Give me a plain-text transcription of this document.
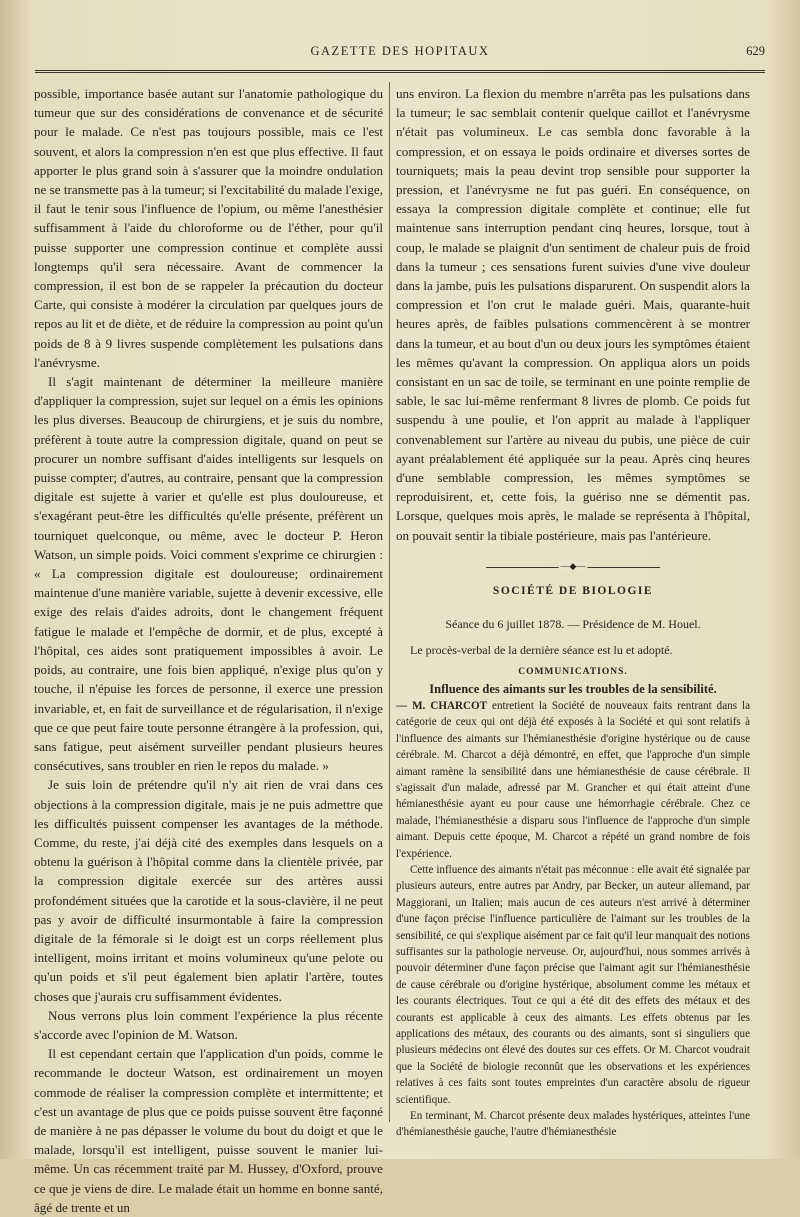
GAZETTE DES HOPITAUX	629

possible, importance basée autant sur l'anatomie pathologique du tumeur que sur des considérations de convenance et de sécurité pour le malade. Ce n'est pas toujours possible, mais ce l'est souvent, et alors la compression n'en est que plus effective. Il faut apporter le plus grand soin à s'assurer que la moindre ondulation ne se transmette pas à la tumeur; si l'excitabilité du malade l'exige, il faut le tenir sous l'influence de l'opium, ou même l'anesthésier suffisamment à l'aide du chloroforme ou de l'éther, pour qu'il puisse supporter une compression continue et complète aussi longtemps qu'il sera nécessaire. Avant de commencer la compression, il est bon de se rappeler la précaution du docteur Carte, qui consiste à modérer la circulation par quelques jours de repos au lit et de diète, et de réduire la compression au point qu'un poids de 8 à 9 livres suspende complètement les pulsations dans l'anévrysme.

Il s'agit maintenant de déterminer la meilleure manière d'appliquer la compression, sujet sur lequel on a émis les opinions les plus diverses. Beaucoup de chirurgiens, et je suis du nombre, préfèrent à toute autre la compression digitale, quand on peut se procurer un nombre suffisant d'aides intelligents sur lesquels on puisse compter; d'autres, au contraire, pensant que la compression digitale est sujette à varier et qu'elle est plus douloureuse, et s'exagérant peut-être les difficultés qu'elle présente, préfèrent un tourniquet quelconque, ou même, avec le docteur P. Heron Watson, un simple poids. Voici comment s'exprime ce chirurgien : « La compression digitale est douloureuse; ordinairement maintenue d'une manière variable, sujette à devenir excessive, elle exige des relais d'aides adroits, dont le changement fréquent fatigue le malade et l'empêche de dormir, et de plus, excepté à l'hôpital, ces aides sont pratiquement impossibles à avoir. Le poids, au contraire, une fois bien appliqué, n'exige plus qu'on y touche, il n'épuise les forces de personne, il exerce une pression invariable, et, en fait de surveillance et de régularisation, il n'exige que ce que peut faire toute personne étrangère à la profession, qui, sans fatigue, peut aisément surveiller pendant plusieurs heures consécutives, sans troubler en rien le repos du malade. »

Je suis loin de prétendre qu'il n'y ait rien de vrai dans ces objections à la compression digitale, mais je ne puis admettre que les difficultés puissent compenser les avantages de la méthode. Comme, du reste, j'ai déjà cité des exemples dans lesquels on a obtenu la guérison à l'hôpital comme dans la clientèle privée, par la compression digitale exercée sur des artères aussi profondément situées que la carotide et la sous-clavière, il ne peut pas y avoir de difficulté insurmontable à faire la compression digitale de la fémorale si le doigt est un corps réellement plus intelligent, moins irritant et moins volumineux qu'une pelote ou qu'un poids et s'il peut également bien aplatir l'artère, toutes choses que j'aurais cru suffisamment évidentes.

Nous verrons plus loin comment l'expérience la plus récente s'accorde avec l'opinion de M. Watson.

Il est cependant certain que l'application d'un poids, comme le recommande le docteur Watson, est ordinairement un moyen commode de réaliser la compression complète et intermittente; et c'est un avantage de plus que ce poids puisse souvent être façonné de manière à ne pas dépasser le volume du bout du doigt et que le malade, lorsqu'il est intelligent, puisse souvent le manier lui-même. Un cas récemment traité par M. Hussey, d'Oxford, prouve ce que je viens de dire. Le malade était un homme en bonne santé, âgé de trente et un

uns environ. La flexion du membre n'arrêta pas les pulsations dans la tumeur; le sac semblait contenir quelque caillot et l'anévrysme n'était pas volumineux. Le cas sembla donc favorable à la compression, et on essaya le poids ordinaire et diverses sortes de tourniquets; mais la peau devint trop sensible pour supporter la pression, et l'anévrysme ne fut pas guéri. En conséquence, on essaya la compression digitale complète et continue; elle fut maintenue sans interruption pendant cinq heures, lorsque, tout à coup, le malade se plaignit d'un sentiment de chaleur puis de froid dans la tumeur ; ces sensations furent suivies d'une vive douleur dans la jambe, puis les pulsations disparurent. On suspendit alors la compression et l'on crut le malade guéri. Mais, quarante-huit heures après, de faibles pulsations commencèrent à se montrer dans la tumeur, et au bout d'un ou deux jours les symptômes étaient les mêmes qu'avant la compression. On appliqua alors un poids consistant en un sac de toile, se terminant en une pointe remplie de sable, le sac lui-même renfermant 8 livres de plomb. Ce poids fut suspendu à une poulie, et l'on apprit au malade à l'appliquer convenablement sur l'artère au niveau du pubis, une pièce de cuir ayant préalablement été appliquée sur la peau. Après cinq heures d'une semblable compression, les mêmes symptômes se reproduisirent, et, cette fois, la guériso nne se démentit pas. Lorsque, quelques mois après, le malade se représenta à l'hôpital, on pouvait sentir la tibiale postérieure, mais pas l'antérieure.

—◆—
SOCIÉTÉ DE BIOLOGIE
Séance du 6 juillet 1878. — Présidence de M. Houel.
Le procès-verbal de la dernière séance est lu et adopté.
COMMUNICATIONS.
Influence des aimants sur les troubles de la sensibilité.

— M. CHARCOT entretient la Société de nouveaux faits rentrant dans la catégorie de ceux qui ont déjà été exposés à la Société et qui sont relatifs à l'influence des aimants sur l'hémianesthésie d'origine hystérique ou de cause cérébrale. M. Charcot a déjà démontré, en effet, que l'approche d'un simple aimant ramène la sensibilité dans une hémianesthésie de cause cérébrale. Il s'agissait d'un malade, adressé par M. Grancher et qui était atteint d'une hémianesthésie ayant eu pour cause une hémorrhagie cérébrale. Chez ce malade, l'hémianesthésie a disparu sous l'influence de l'approche d'un simple aimant. Depuis cette époque, M. Charcot a répété un grand nombre de fois l'expérience.

Cette influence des aimants n'était pas méconnue : elle avait été signalée par plusieurs auteurs, entre autres par Andry, par Becker, un auteur allemand, par Maggiorani, un Italien; mais aucun de ces auteurs n'est arrivé à déterminer d'une façon précise l'influence particulière de l'aimant sur les troubles de la sensibilité, ce qui s'explique aisément par ce fait qu'il leur manquait des notions suffisantes sur la pathologie nerveuse. Or, aujourd'hui, nous sommes arrivés à pouvoir déterminer d'une façon précise que l'aimant agit sur l'hémianesthésie de cause cérébrale ou d'origine hystérique, absolument comme les métaux et les courants électriques. Tout ce qui a été dit des effets des métaux et des courants est applicable à ceux des aimants. Les effets obtenus par les applications des métaux, des courants ou des aimants, sont si singuliers que plusieurs médecins ont élevé des doutes sur ces effets. Or M. Charcot voudrait que la Société de biologie reconnût que les observations et les expériences relatives à ces faits sont toutes empreintes d'un caractère absolu de rigueur scientifique.

En terminant, M. Charcot présente deux malades hystériques, atteintes l'une d'hémianesthésie gauche, l'autre d'hémianesthésie
